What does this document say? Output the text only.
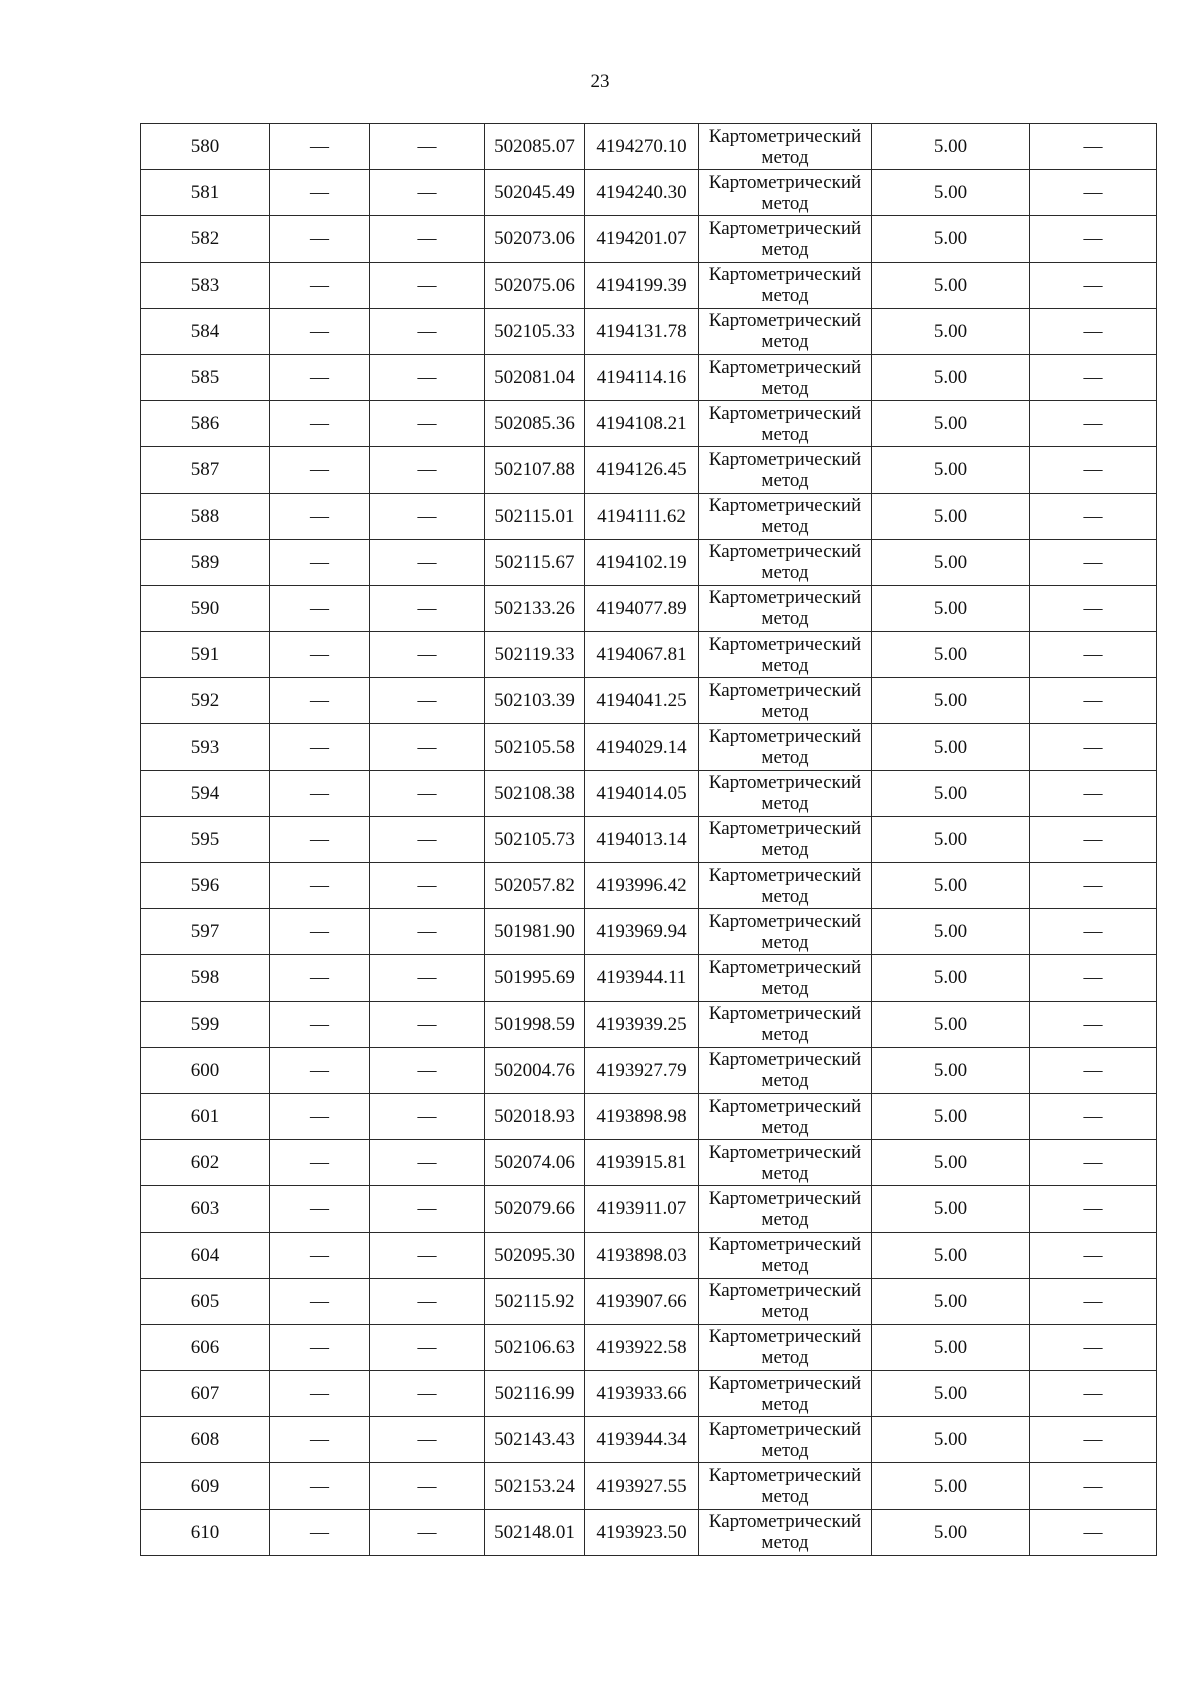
23
580	—	—	502085.07	4194270.10	Картометрический метод	5.00	—
581	—	—	502045.49	4194240.30	Картометрический метод	5.00	—
582	—	—	502073.06	4194201.07	Картометрический метод	5.00	—
583	—	—	502075.06	4194199.39	Картометрический метод	5.00	—
584	—	—	502105.33	4194131.78	Картометрический метод	5.00	—
585	—	—	502081.04	4194114.16	Картометрический метод	5.00	—
586	—	—	502085.36	4194108.21	Картометрический метод	5.00	—
587	—	—	502107.88	4194126.45	Картометрический метод	5.00	—
588	—	—	502115.01	4194111.62	Картометрический метод	5.00	—
589	—	—	502115.67	4194102.19	Картометрический метод	5.00	—
590	—	—	502133.26	4194077.89	Картометрический метод	5.00	—
591	—	—	502119.33	4194067.81	Картометрический метод	5.00	—
592	—	—	502103.39	4194041.25	Картометрический метод	5.00	—
593	—	—	502105.58	4194029.14	Картометрический метод	5.00	—
594	—	—	502108.38	4194014.05	Картометрический метод	5.00	—
595	—	—	502105.73	4194013.14	Картометрический метод	5.00	—
596	—	—	502057.82	4193996.42	Картометрический метод	5.00	—
597	—	—	501981.90	4193969.94	Картометрический метод	5.00	—
598	—	—	501995.69	4193944.11	Картометрический метод	5.00	—
599	—	—	501998.59	4193939.25	Картометрический метод	5.00	—
600	—	—	502004.76	4193927.79	Картометрический метод	5.00	—
601	—	—	502018.93	4193898.98	Картометрический метод	5.00	—
602	—	—	502074.06	4193915.81	Картометрический метод	5.00	—
603	—	—	502079.66	4193911.07	Картометрический метод	5.00	—
604	—	—	502095.30	4193898.03	Картометрический метод	5.00	—
605	—	—	502115.92	4193907.66	Картометрический метод	5.00	—
606	—	—	502106.63	4193922.58	Картометрический метод	5.00	—
607	—	—	502116.99	4193933.66	Картометрический метод	5.00	—
608	—	—	502143.43	4193944.34	Картометрический метод	5.00	—
609	—	—	502153.24	4193927.55	Картометрический метод	5.00	—
610	—	—	502148.01	4193923.50	Картометрический метод	5.00	—
